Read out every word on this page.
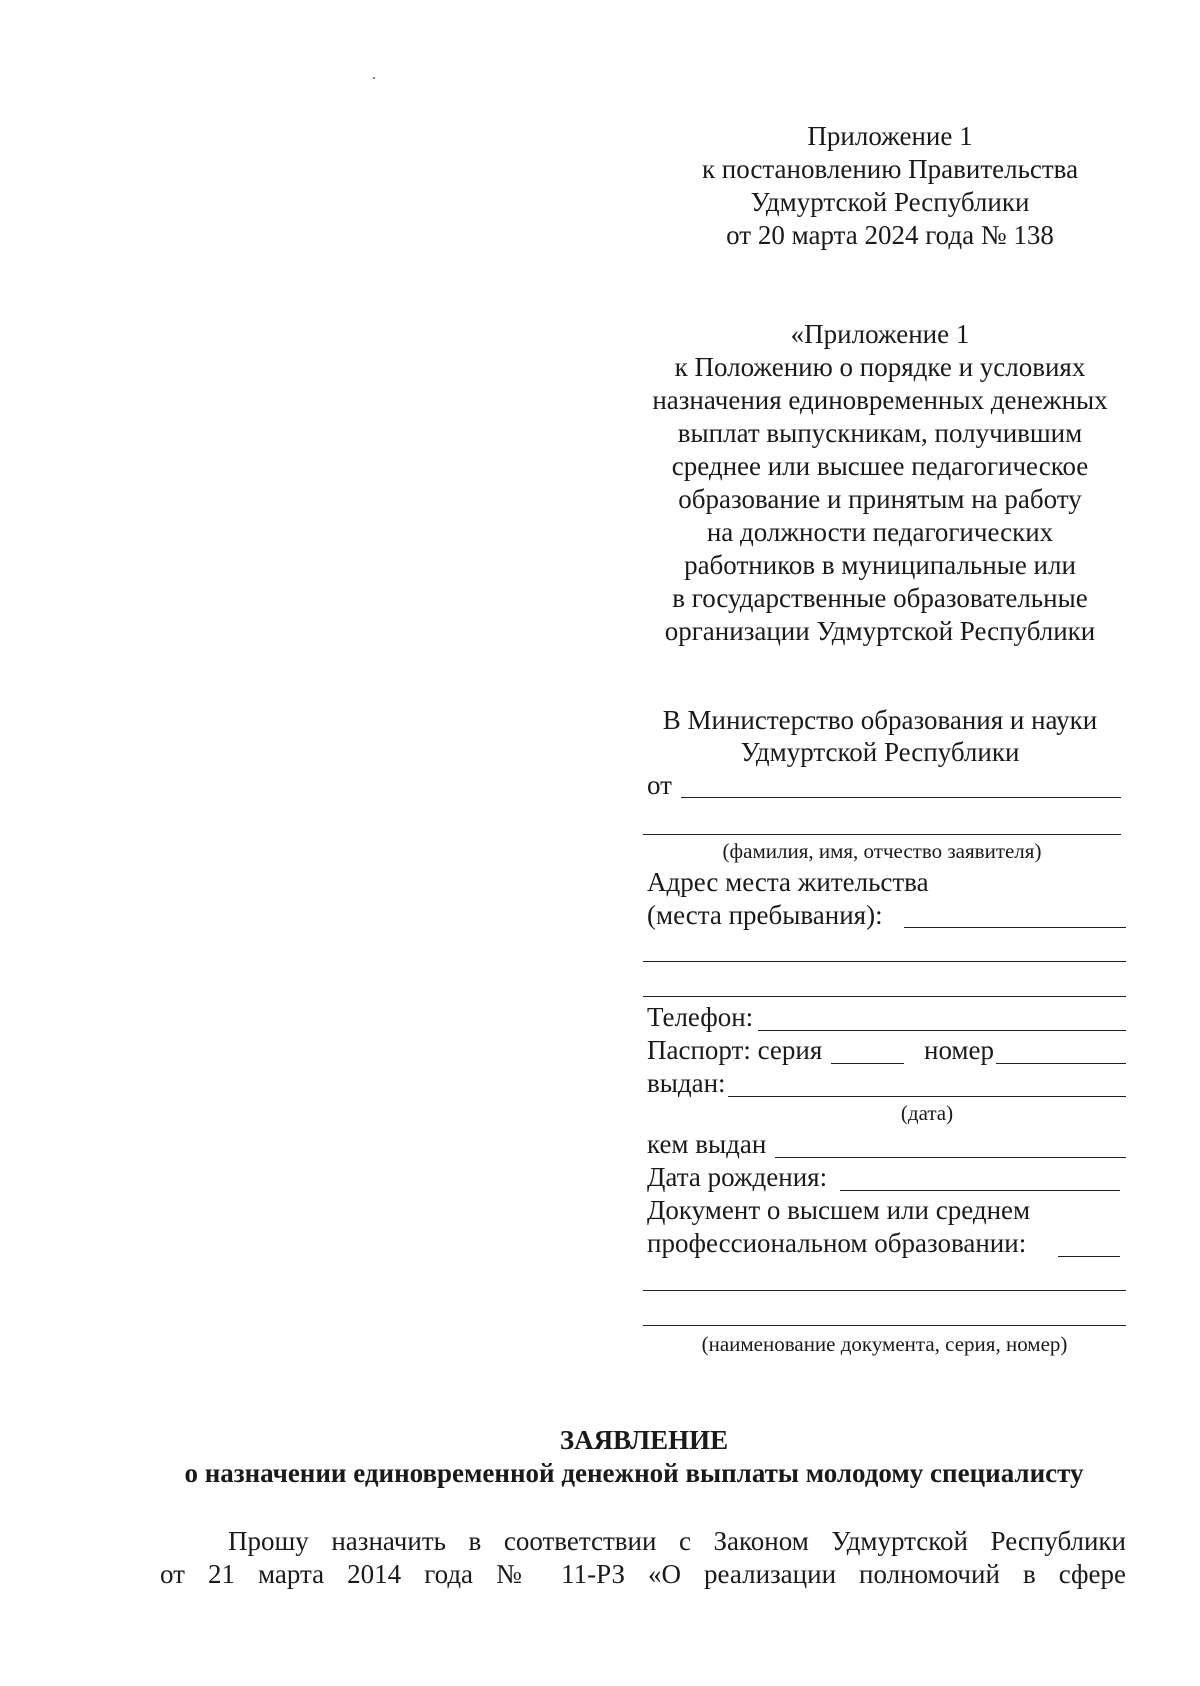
Приложение 1
к постановлению Правительства
Удмуртской Республики
от 20 марта 2024 года № 138
«Приложение 1
к Положению о порядке и условиях
назначения единовременных денежных
выплат выпускникам, получившим
среднее или высшее педагогическое
образование и принятым на работу
на должности педагогических
работников в муниципальные или
в государственные образовательные
организации Удмуртской Республики
В Министерство образования и науки
Удмуртской Республики
от
(фамилия, имя, отчество заявителя)
Адрес места жительства
(места пребывания):
Телефон:
Паспорт: серия	номер
выдан:
(дата)
кем выдан
Дата рождения:
Документ о высшем или среднем
профессиональном образовании:
(наименование документа, серия, номер)
ЗАЯВЛЕНИЕ
о назначении единовременной денежной выплаты молодому специалисту
Прошу назначить в соответствии с Законом Удмуртской Республики
от 21 марта 2014 года № 11-РЗ «О реализации полномочий в сфере
